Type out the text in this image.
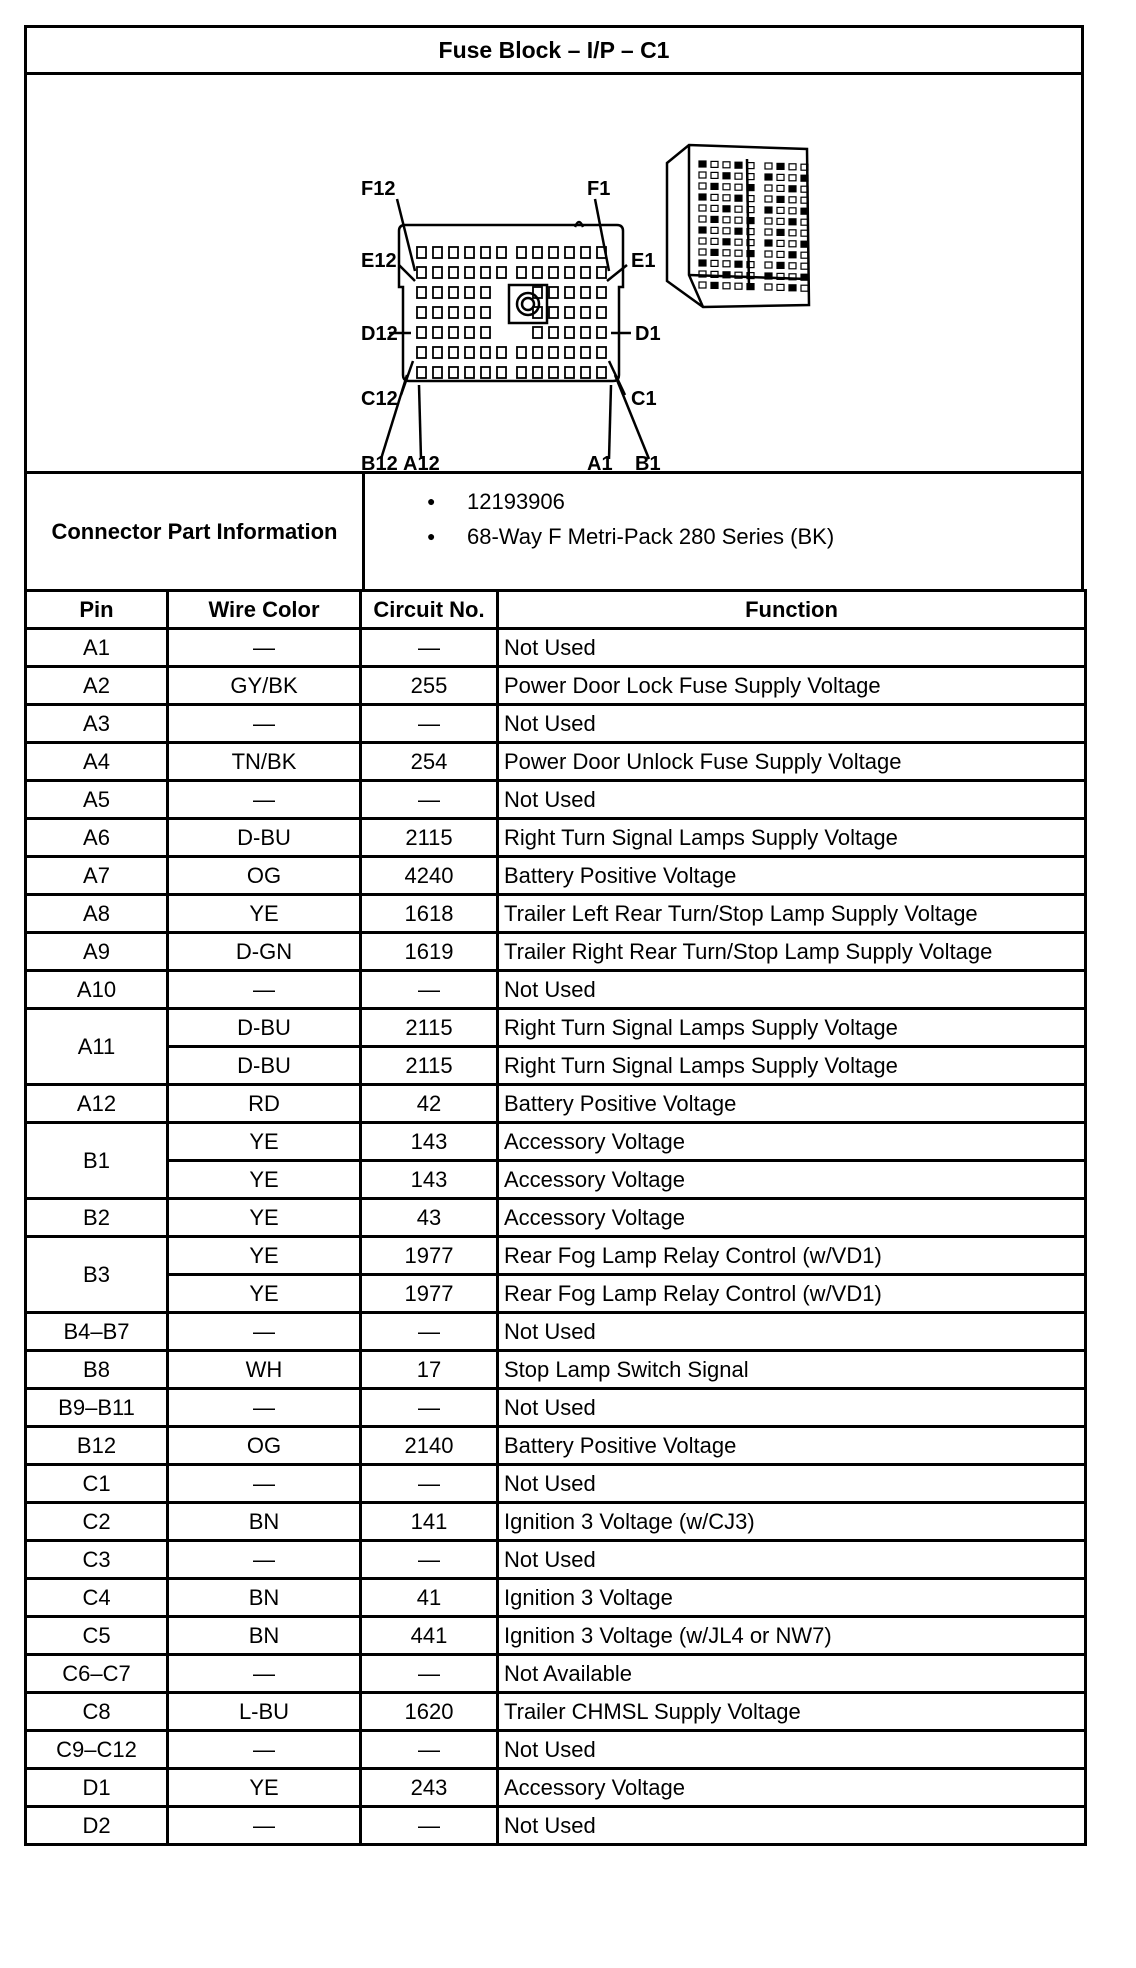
Fuse Block – I/P – C1
F12	F1
E12	E1
D12	D1
C12	C1
B12 A12	A1 B1
Connector Part Information
● 12193906
● 68-Way F Metri-Pack 280 Series (BK)
Pin	Wire Color	Circuit No.	Function
A1	—	—	Not Used
A2	GY/BK	255	Power Door Lock Fuse Supply Voltage
A3	—	—	Not Used
A4	TN/BK	254	Power Door Unlock Fuse Supply Voltage
A5	—	—	Not Used
A6	D-BU	2115	Right Turn Signal Lamps Supply Voltage
A7	OG	4240	Battery Positive Voltage
A8	YE	1618	Trailer Left Rear Turn/Stop Lamp Supply Voltage
A9	D-GN	1619	Trailer Right Rear Turn/Stop Lamp Supply Voltage
A10	—	—	Not Used
A11	D-BU	2115	Right Turn Signal Lamps Supply Voltage
	D-BU	2115	Right Turn Signal Lamps Supply Voltage
A12	RD	42	Battery Positive Voltage
B1	YE	143	Accessory Voltage
	YE	143	Accessory Voltage
B2	YE	43	Accessory Voltage
B3	YE	1977	Rear Fog Lamp Relay Control (w/VD1)
	YE	1977	Rear Fog Lamp Relay Control (w/VD1)
B4–B7	—	—	Not Used
B8	WH	17	Stop Lamp Switch Signal
B9–B11	—	—	Not Used
B12	OG	2140	Battery Positive Voltage
C1	—	—	Not Used
C2	BN	141	Ignition 3 Voltage (w/CJ3)
C3	—	—	Not Used
C4	BN	41	Ignition 3 Voltage
C5	BN	441	Ignition 3 Voltage (w/JL4 or NW7)
C6–C7	—	—	Not Available
C8	L-BU	1620	Trailer CHMSL Supply Voltage
C9–C12	—	—	Not Used
D1	YE	243	Accessory Voltage
D2	—	—	Not Used
